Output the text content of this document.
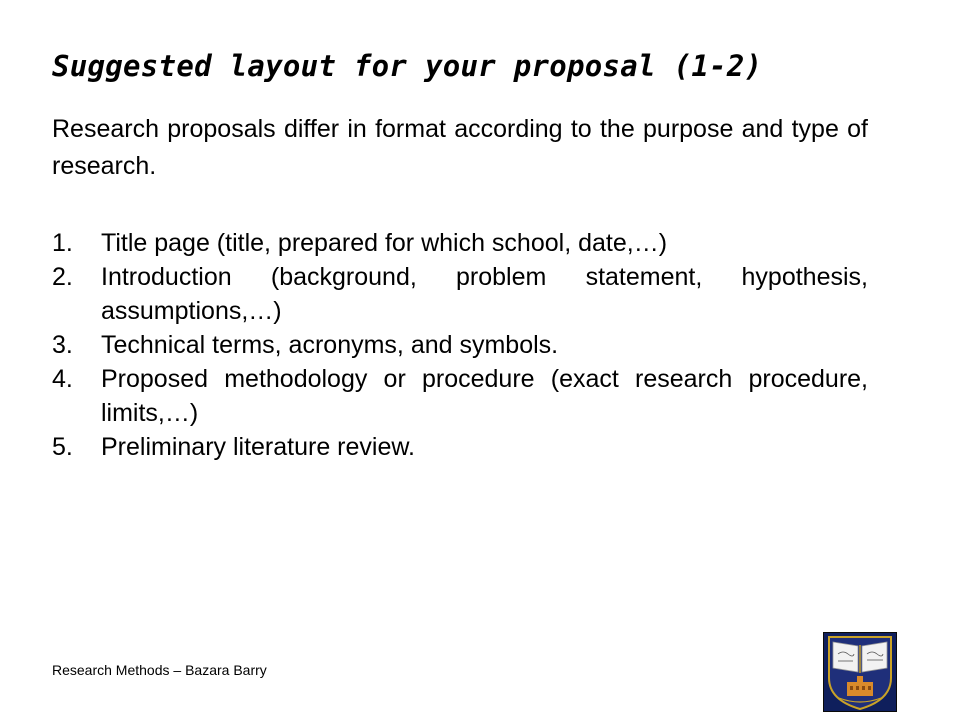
Suggested layout for your proposal (1-2)
Research proposals differ in format according to the purpose and type of research.
1. Title page (title, prepared for which school, date,…)
2. Introduction (background, problem statement, hypothesis, assumptions,…)
3. Technical terms, acronyms, and symbols.
4. Proposed methodology or procedure (exact research procedure, limits,…)
5. Preliminary literature review.
Research Methods – Bazara Barry
